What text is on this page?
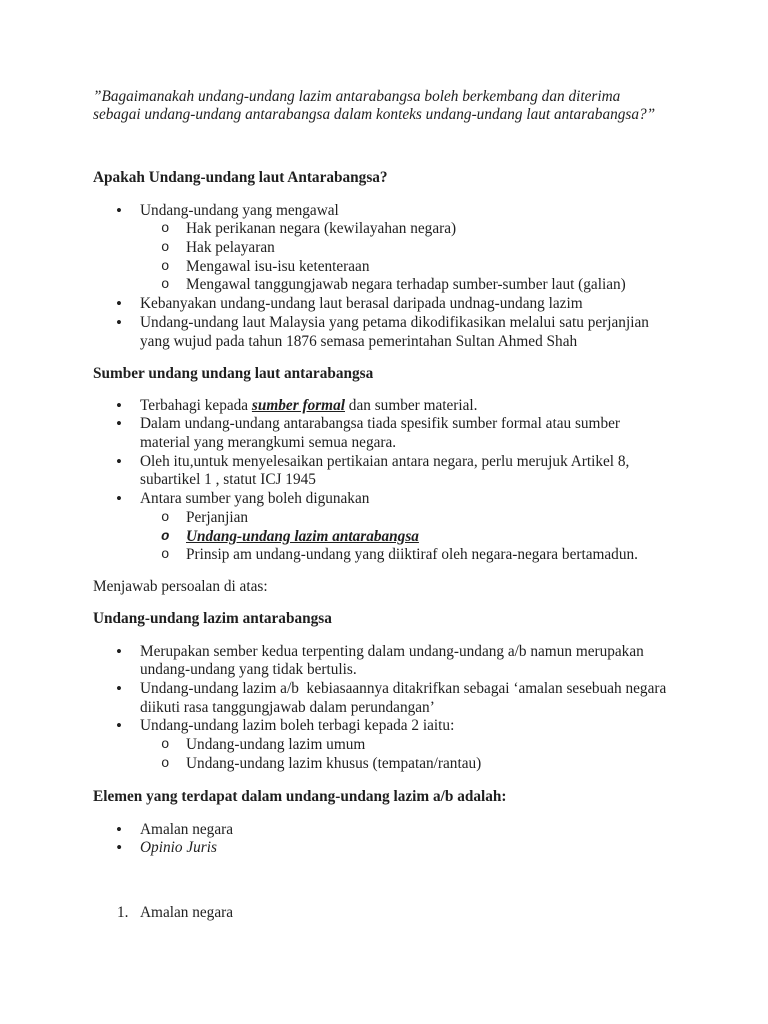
”Bagaimanakah undang-undang lazim antarabangsa boleh berkembang dan diterima
sebagai undang-undang antarabangsa dalam konteks undang-undang laut antarabangsa?”
Apakah Undang-undang laut Antarabangsa?
•	Undang-undang yang mengawal
o	Hak perikanan negara (kewilayahan negara)
o	Hak pelayaran
o	Mengawal isu-isu ketenteraan
o	Mengawal tanggungjawab negara terhadap sumber-sumber laut (galian)
•	Kebanyakan undang-undang laut berasal daripada undnag-undang lazim
•	Undang-undang laut Malaysia yang petama dikodifikasikan melalui satu perjanjian
yang wujud pada tahun 1876 semasa pemerintahan Sultan Ahmed Shah
Sumber undang undang laut antarabangsa
•	Terbahagi kepada sumber formal dan sumber material.
•	Dalam undang-undang antarabangsa tiada spesifik sumber formal atau sumber
material yang merangkumi semua negara.
•	Oleh itu,untuk menyelesaikan pertikaian antara negara, perlu merujuk Artikel 8,
subartikel 1 , statut ICJ 1945
•	Antara sumber yang boleh digunakan
o	Perjanjian
o	Undang-undang lazim antarabangsa
o	Prinsip am undang-undang yang diiktiraf oleh negara-negara bertamadun.
Menjawab persoalan di atas:
Undang-undang lazim antarabangsa
•	Merupakan sember kedua terpenting dalam undang-undang a/b namun merupakan
undang-undang yang tidak bertulis.
•	Undang-undang lazim a/b  kebiasaannya ditakrifkan sebagai ‘amalan sesebuah negara
diikuti rasa tanggungjawab dalam perundangan’
•	Undang-undang lazim boleh terbagi kepada 2 iaitu:
o	Undang-undang lazim umum
o	Undang-undang lazim khusus (tempatan/rantau)
Elemen yang terdapat dalam undang-undang lazim a/b adalah:
•	Amalan negara
•	Opinio Juris
1. Amalan negara
